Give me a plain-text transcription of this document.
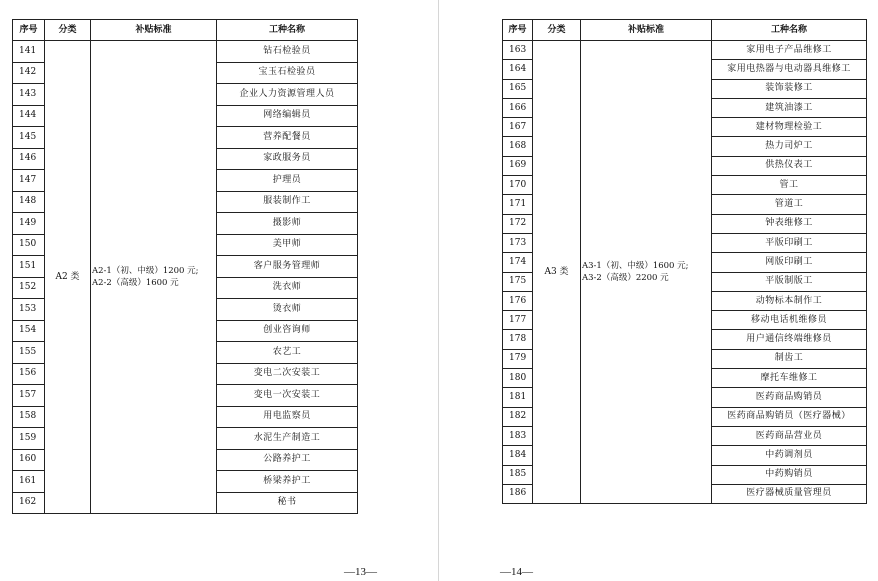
序号	分类	补贴标准	工种名称
141	A2 类	A2-1（初、中级）1200 元;
A2-2（高级）1600 元	钻石检验员
142			宝玉石检验员
143			企业人力资源管理人员
144			网络编辑员
145			营养配餐员
146			家政服务员
147			护理员
148			服装制作工
149			摄影师
150			美甲师
151			客户服务管理师
152			洗衣师
153			烫衣师
154			创业咨询师
155			农艺工
156			变电二次安装工
157			变电一次安装工
158			用电监察员
159			水泥生产制造工
160			公路养护工
161			桥梁养护工
162			秘书
—13—
序号	分类	补贴标准	工种名称
163	A3 类	A3-1（初、中级）1600 元;
A3-2（高级）2200 元	家用电子产品维修工
164			家用电热器与电动器具维修工
165			装饰装修工
166			建筑油漆工
167			建材物理检验工
168			热力司炉工
169			供热仪表工
170			管工
171			管道工
172			钟表维修工
173			平版印刷工
174			网版印刷工
175			平版制版工
176			动物标本制作工
177			移动电话机维修员
178			用户通信终端维修员
179			制齿工
180			摩托车维修工
181			医药商品购销员
182			医药商品购销员（医疗器械）
183			医药商品营业员
184			中药调剂员
185			中药购销员
186			医疗器械质量管理员
—14—
